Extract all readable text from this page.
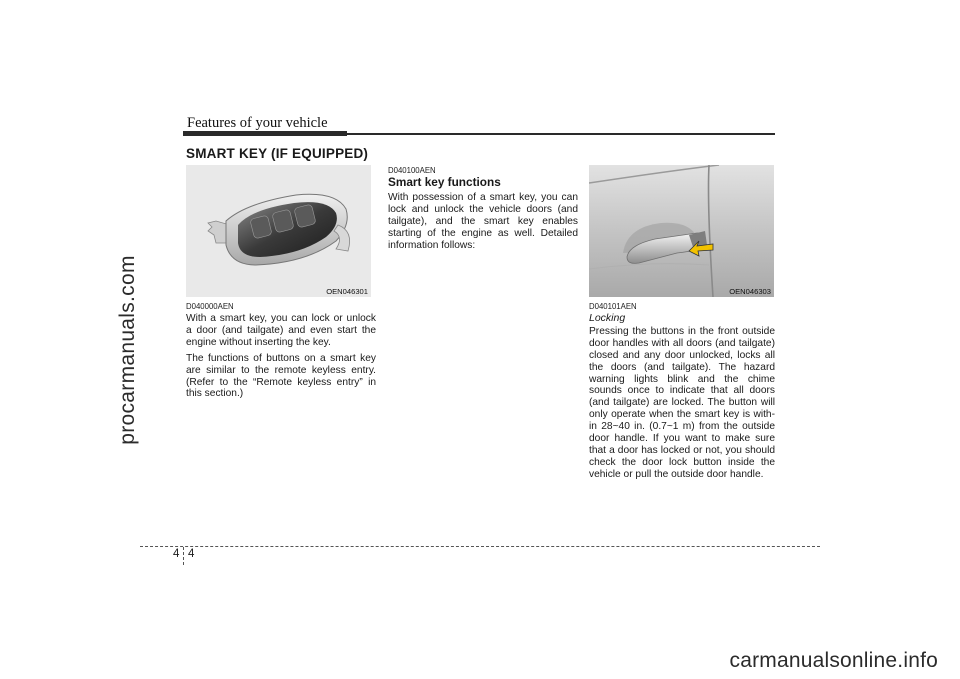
procarmanuals.com
carmanualsonline.info
Features of your vehicle
SMART KEY (IF EQUIPPED)
OEN046301
D040000AEN

With a smart key, you can lock or unlock a door (and tailgate) and even start the engine without inserting the key.

The functions of buttons on a smart key are similar to the remote keyless entry. (Refer to the “Remote keyless entry” in this section.)

D040100AEN
Smart key functions

With possession of a smart key, you can lock and unlock the vehicle doors (and tailgate), and the smart key enables starting of the engine as well. Detailed information follows:

OEN046303
D040101AEN
Locking

Pressing the buttons in the front outside door handles with all doors (and tailgate) closed and any door unlocked, locks all the doors (and tailgate). The hazard warning lights blink and the chime sounds once to indicate that all doors (and tailgate) are locked. The button will only operate when the smart key is with-in 28~40 in. (0.7~1 m) from the outside door handle. If you want to make sure that a door has locked or not, you should check the door lock button inside the vehicle or pull the outside door handle.

4 4
